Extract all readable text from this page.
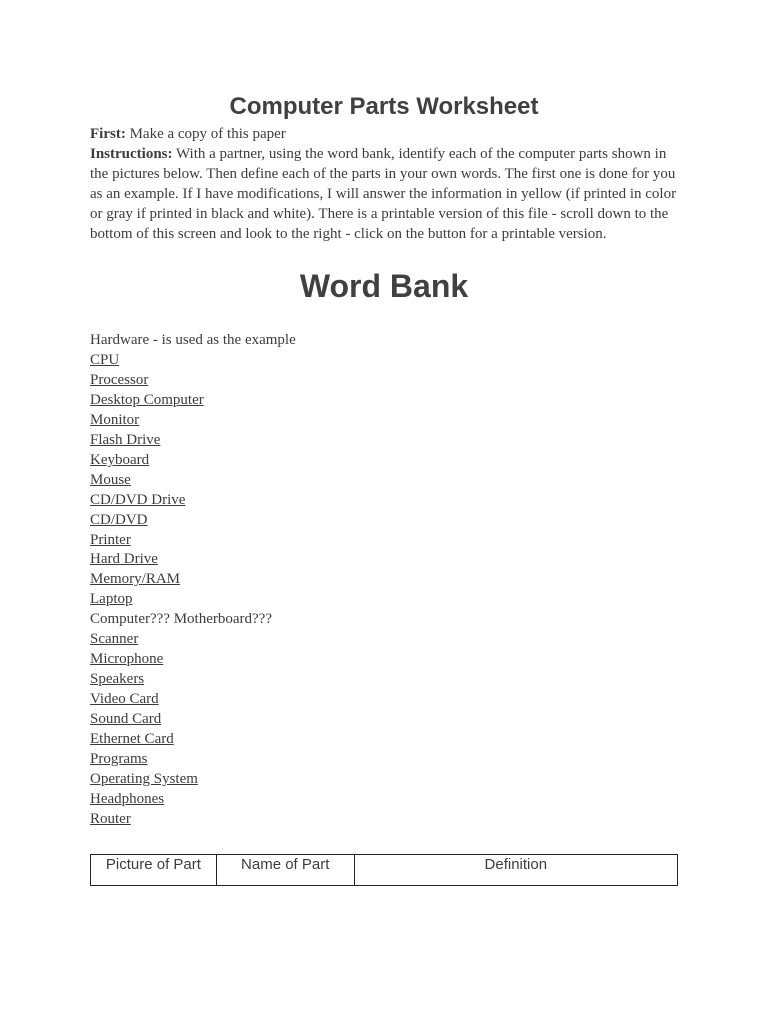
Computer Parts Worksheet

First: Make a copy of this paper

Instructions: With a partner, using the word bank, identify each of the computer parts shown in the pictures below. Then define each of the parts in your own words. The first one is done for you as an example. If I have modifications, I will answer the information in yellow (if printed in color or gray if printed in black and white). There is a printable version of this file - scroll down to the bottom of this screen and look to the right - click on the button for a printable version.

Word Bank
Hardware - is used as the example
CPU
Processor
Desktop Computer
Monitor
Flash Drive
Keyboard
Mouse
CD/DVD Drive
CD/DVD
Printer
Hard Drive
Memory/RAM
Laptop
Computer??? Motherboard???
Scanner
Microphone
Speakers
Video Card
Sound Card
Ethernet Card
Programs
Operating System
Headphones
Router
Picture of Part	Name of Part	Definition
